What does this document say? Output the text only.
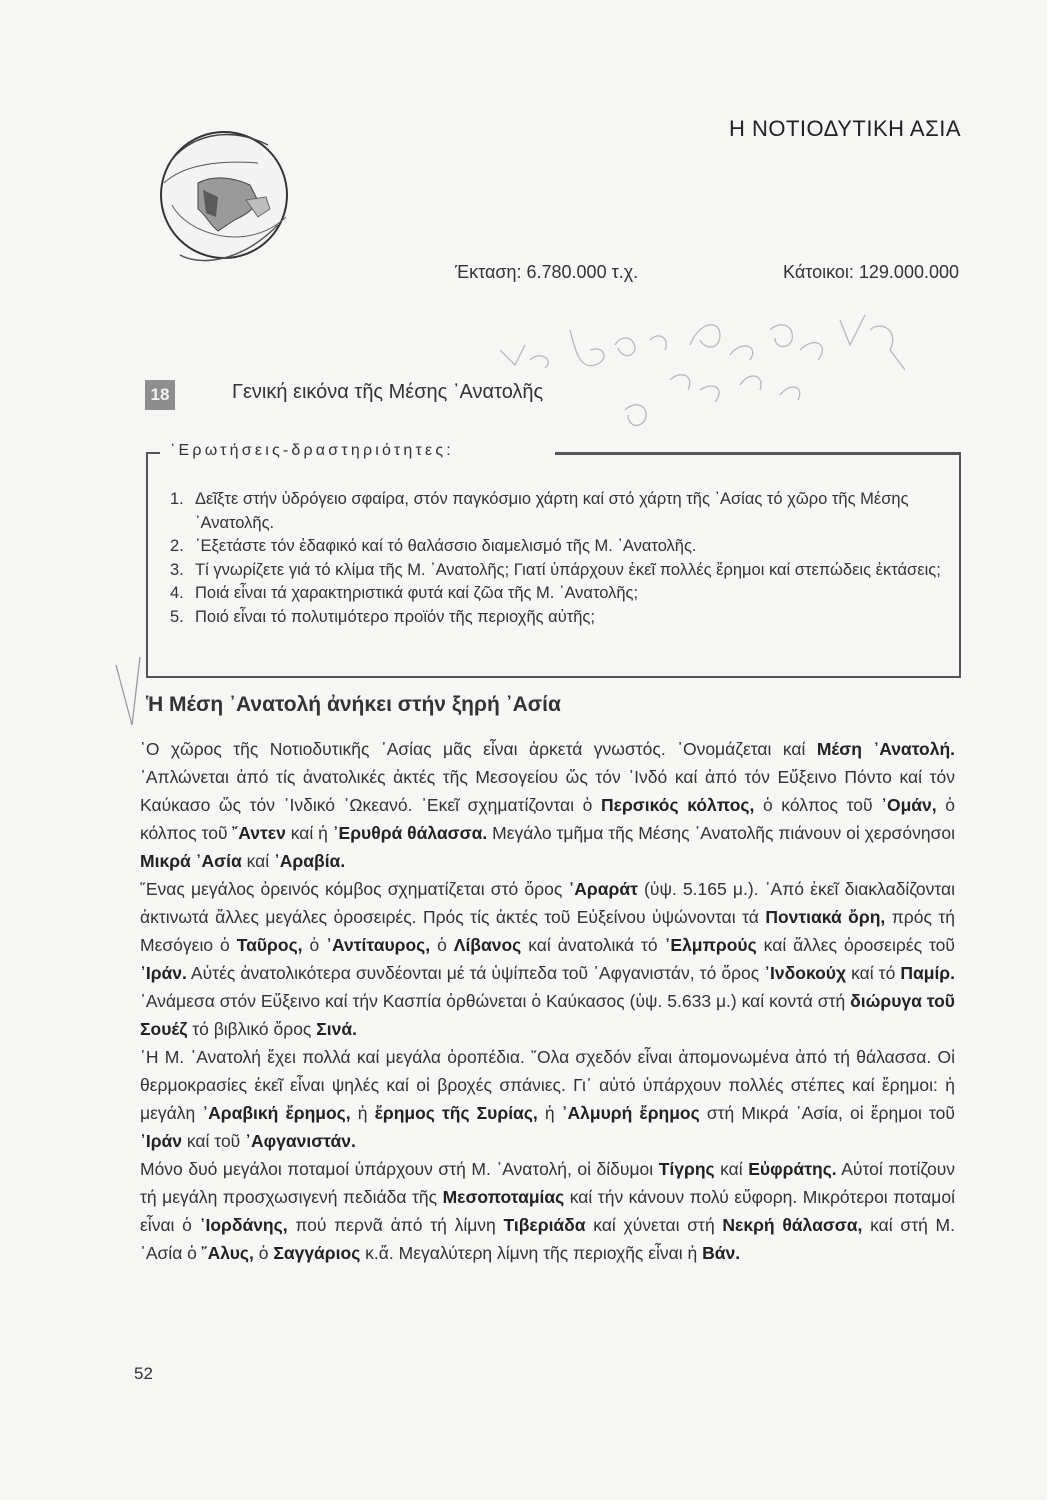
Η ΝΟΤΙΟΔΥΤΙΚΗ ΑΣΙΑ
Έκταση: 6.780.000 τ.χ.	Κάτοικοι: 129.000.000
18	Γενική εικόνα τῆς Μέσης ᾿Ανατολῆς
᾿Ερωτήσεις-δραστηριότητες:
1. Δεῖξτε στήν ὑδρόγειο σφαίρα, στόν παγκόσμιο χάρτη καί στό χάρτη τῆς ᾿Ασίας τό χῶρο τῆς Μέσης ᾿Ανατολῆς.
2. ᾿Εξετάστε τόν ἐδαφικό καί τό θαλάσσιο διαμελισμό τῆς Μ. ᾿Ανατολῆς.
3. Τί γνωρίζετε γιά τό κλίμα τῆς Μ. ᾿Ανατολῆς; Γιατί ὑπάρχουν ἐκεῖ πολλές ἔρημοι καί στεπώδεις ἐκτάσεις;
4. Ποιά εἶναι τά χαρακτηριστικά φυτά καί ζῶα τῆς Μ. ᾿Ανατολῆς;
5. Ποιό εἶναι τό πολυτιμότερο προϊόν τῆς περιοχῆς αὐτῆς;
Ἡ Μέση ᾿Ανατολή ἀνήκει στήν ξηρή ᾿Ασία

῾Ο χῶρος τῆς Νοτιοδυτικῆς ᾿Ασίας μᾶς εἶναι ἀρκετά γνωστός. ᾿Ονομάζεται καί Μέση ᾿Ανατολή. ᾿Απλώνεται ἀπό τίς ἀνατολικές ἀκτές τῆς Μεσογείου ὥς τόν ᾿Ινδό καί ἀπό τόν Εὔξεινο Πόντο καί τόν Καύκασο ὥς τόν ᾿Ινδικό ᾿Ωκεανό. ᾿Εκεῖ σχηματίζονται ὁ Περσικός κόλπος, ὁ κόλπος τοῦ ᾿Ομάν, ὁ κόλπος τοῦ ῎Αντεν καί ἡ ᾿Ερυθρά θάλασσα. Μεγάλο τμῆμα τῆς Μέσης ᾿Ανατολῆς πιάνουν οἱ χερσόνησοι Μικρά ᾿Ασία καί ᾿Αραβία.

῞Ενας μεγάλος ὀρεινός κόμβος σχηματίζεται στό ὄρος ᾿Αραράτ (ὑψ. 5.165 μ.). ᾿Από ἐκεῖ διακλαδίζονται ἀκτινωτά ἄλλες μεγάλες ὀροσειρές. Πρός τίς ἀκτές τοῦ Εὐξείνου ὑψώνονται τά Ποντιακά ὄρη, πρός τή Μεσόγειο ὁ Ταῦρος, ὁ ᾿Αντίταυρος, ὁ Λίβανος καί ἀνατολικά τό ᾿Ελμπρούς καί ἄλλες ὀροσειρές τοῦ ᾿Ιράν. Αὐτές ἀνατολικότερα συνδέονται μέ τά ὑψίπεδα τοῦ ᾿Αφγανιστάν, τό ὄρος ᾿Ινδοκούχ καί τό Παμίρ. ᾿Ανάμεσα στόν Εὔξεινο καί τήν Κασπία ὀρθώνεται ὁ Καύκασος (ὑψ. 5.633 μ.) καί κοντά στή διώρυγα τοῦ Σουέζ τό βιβλικό ὄρος Σινά.

῾Η Μ. ᾿Ανατολή ἔχει πολλά καί μεγάλα ὀροπέδια. ῞Ολα σχεδόν εἶναι ἀπομονωμένα ἀπό τή θάλασσα. Οἱ θερμοκρασίες ἐκεῖ εἶναι ψηλές καί οἱ βροχές σπάνιες. Γι᾿ αὐτό ὑπάρχουν πολλές στέπες καί ἔρημοι: ἡ μεγάλη ᾿Αραβική ἔρημος, ἡ ἔρημος τῆς Συρίας, ἡ ᾿Αλμυρή ἔρημος στή Μικρά ᾿Ασία, οἱ ἔρημοι τοῦ ᾿Ιράν καί τοῦ ᾿Αφγανιστάν.

Μόνο δυό μεγάλοι ποταμοί ὑπάρχουν στή Μ. ᾿Ανατολή, οἱ δίδυμοι Τίγρης καί Εὐφράτης. Αὐτοί ποτίζουν τή μεγάλη προσχωσιγενή πεδιάδα τῆς Μεσοποταμίας καί τήν κάνουν πολύ εὔφορη. Μικρότεροι ποταμοί εἶναι ὁ ᾿Ιορδάνης, πού περνᾶ ἀπό τή λίμνη Τιβεριάδα καί χύνεται στή Νεκρή θάλασσα, καί στή Μ. ᾿Ασία ὁ ῞Αλυς, ὁ Σαγγάριος κ.ἄ. Μεγαλύτερη λίμνη τῆς περιοχῆς εἶναι ἡ Βάν.

52
